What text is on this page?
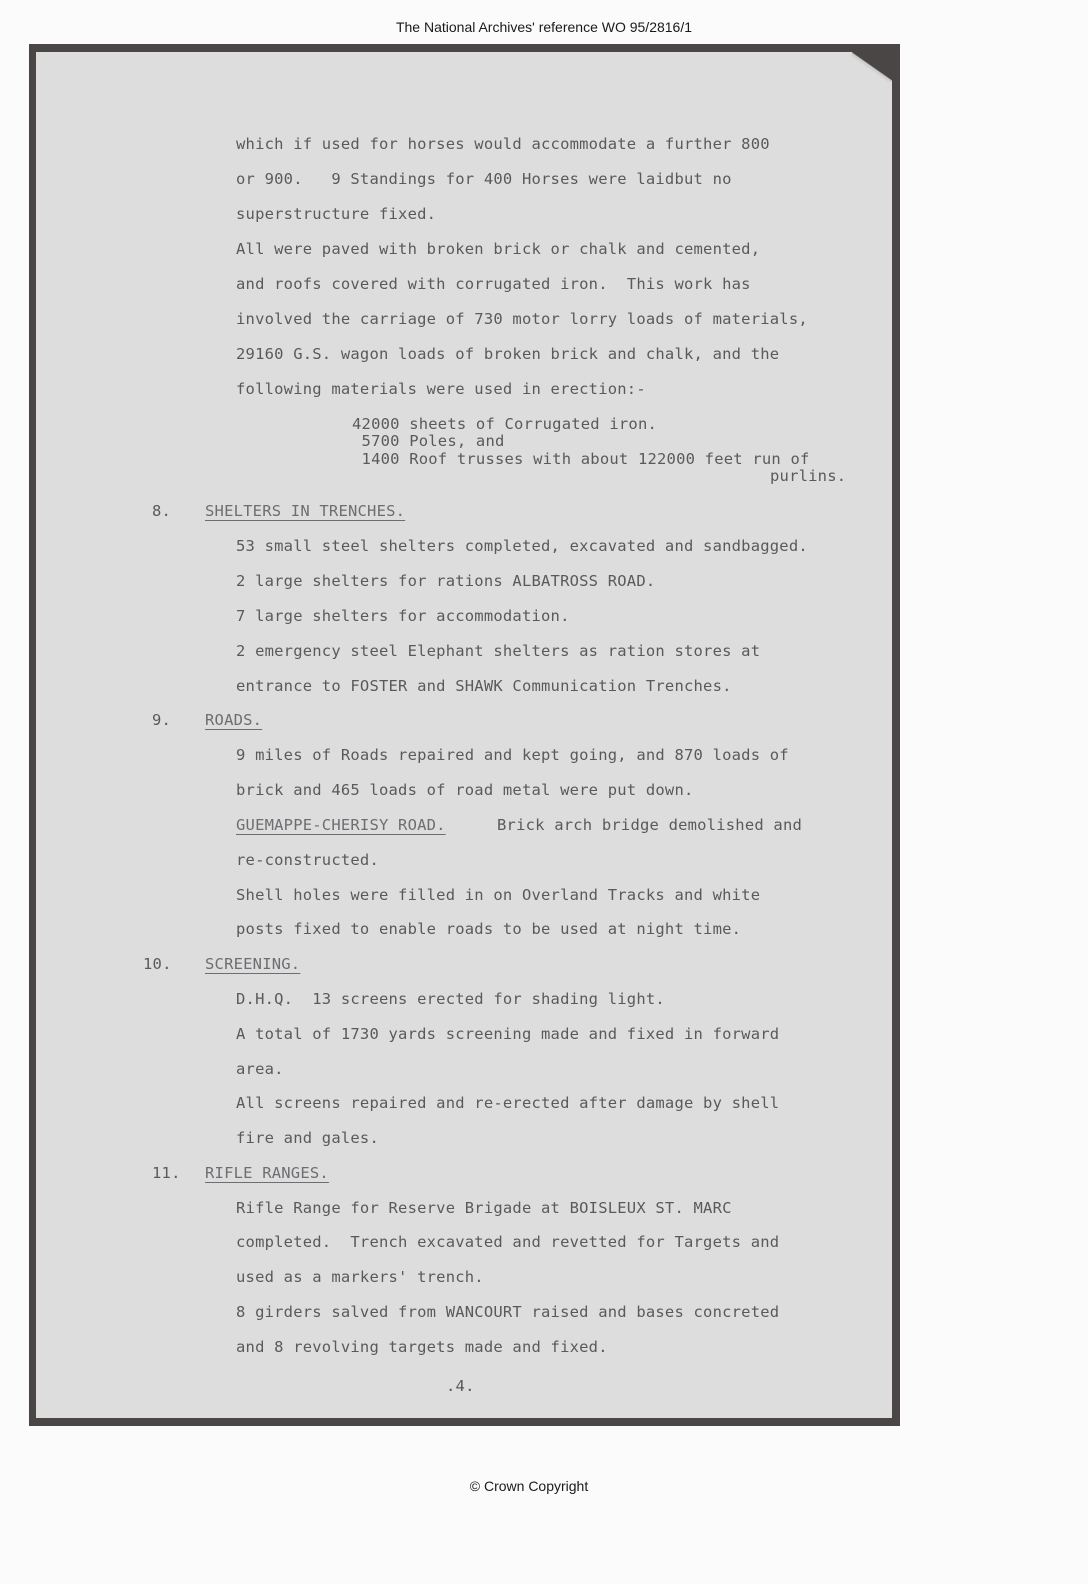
The National Archives' reference WO 95/2816/1
which if used for horses would accommodate a further 800
or 900.   9 Standings for 400 Horses were laidbut no
superstructure fixed.
All were paved with broken brick or chalk and cemented,
and roofs covered with corrugated iron.  This work has
involved the carriage of 730 motor lorry loads of materials,
29160 G.S. wagon loads of broken brick and chalk, and the
following materials were used in erection:-
42000 sheets of Corrugated iron.
5700 Poles, and
1400 Roof trusses with about 122000 feet run of
purlins.
8. SHELTERS IN TRENCHES.
53 small steel shelters completed, excavated and sandbagged.
2 large shelters for rations ALBATROSS ROAD.
7 large shelters for accommodation.
2 emergency steel Elephant shelters as ration stores at
entrance to FOSTER and SHAWK Communication Trenches.
9. ROADS.
9 miles of Roads repaired and kept going, and 870 loads of
brick and 465 loads of road metal were put down.
GUEMAPPE-CHERISY ROAD.	Brick arch bridge demolished and
re-constructed.
Shell holes were filled in on Overland Tracks and white
posts fixed to enable roads to be used at night time.
10. SCREENING.
D.H.Q.  13 screens erected for shading light.
A total of 1730 yards screening made and fixed in forward
area.
All screens repaired and re-erected after damage by shell
fire and gales.
11. RIFLE RANGES.
Rifle Range for Reserve Brigade at BOISLEUX ST. MARC
completed.  Trench excavated and revetted for Targets and
used as a markers' trench.
8 girders salved from WANCOURT raised and bases concreted
and 8 revolving targets made and fixed.
.4.
© Crown Copyright
